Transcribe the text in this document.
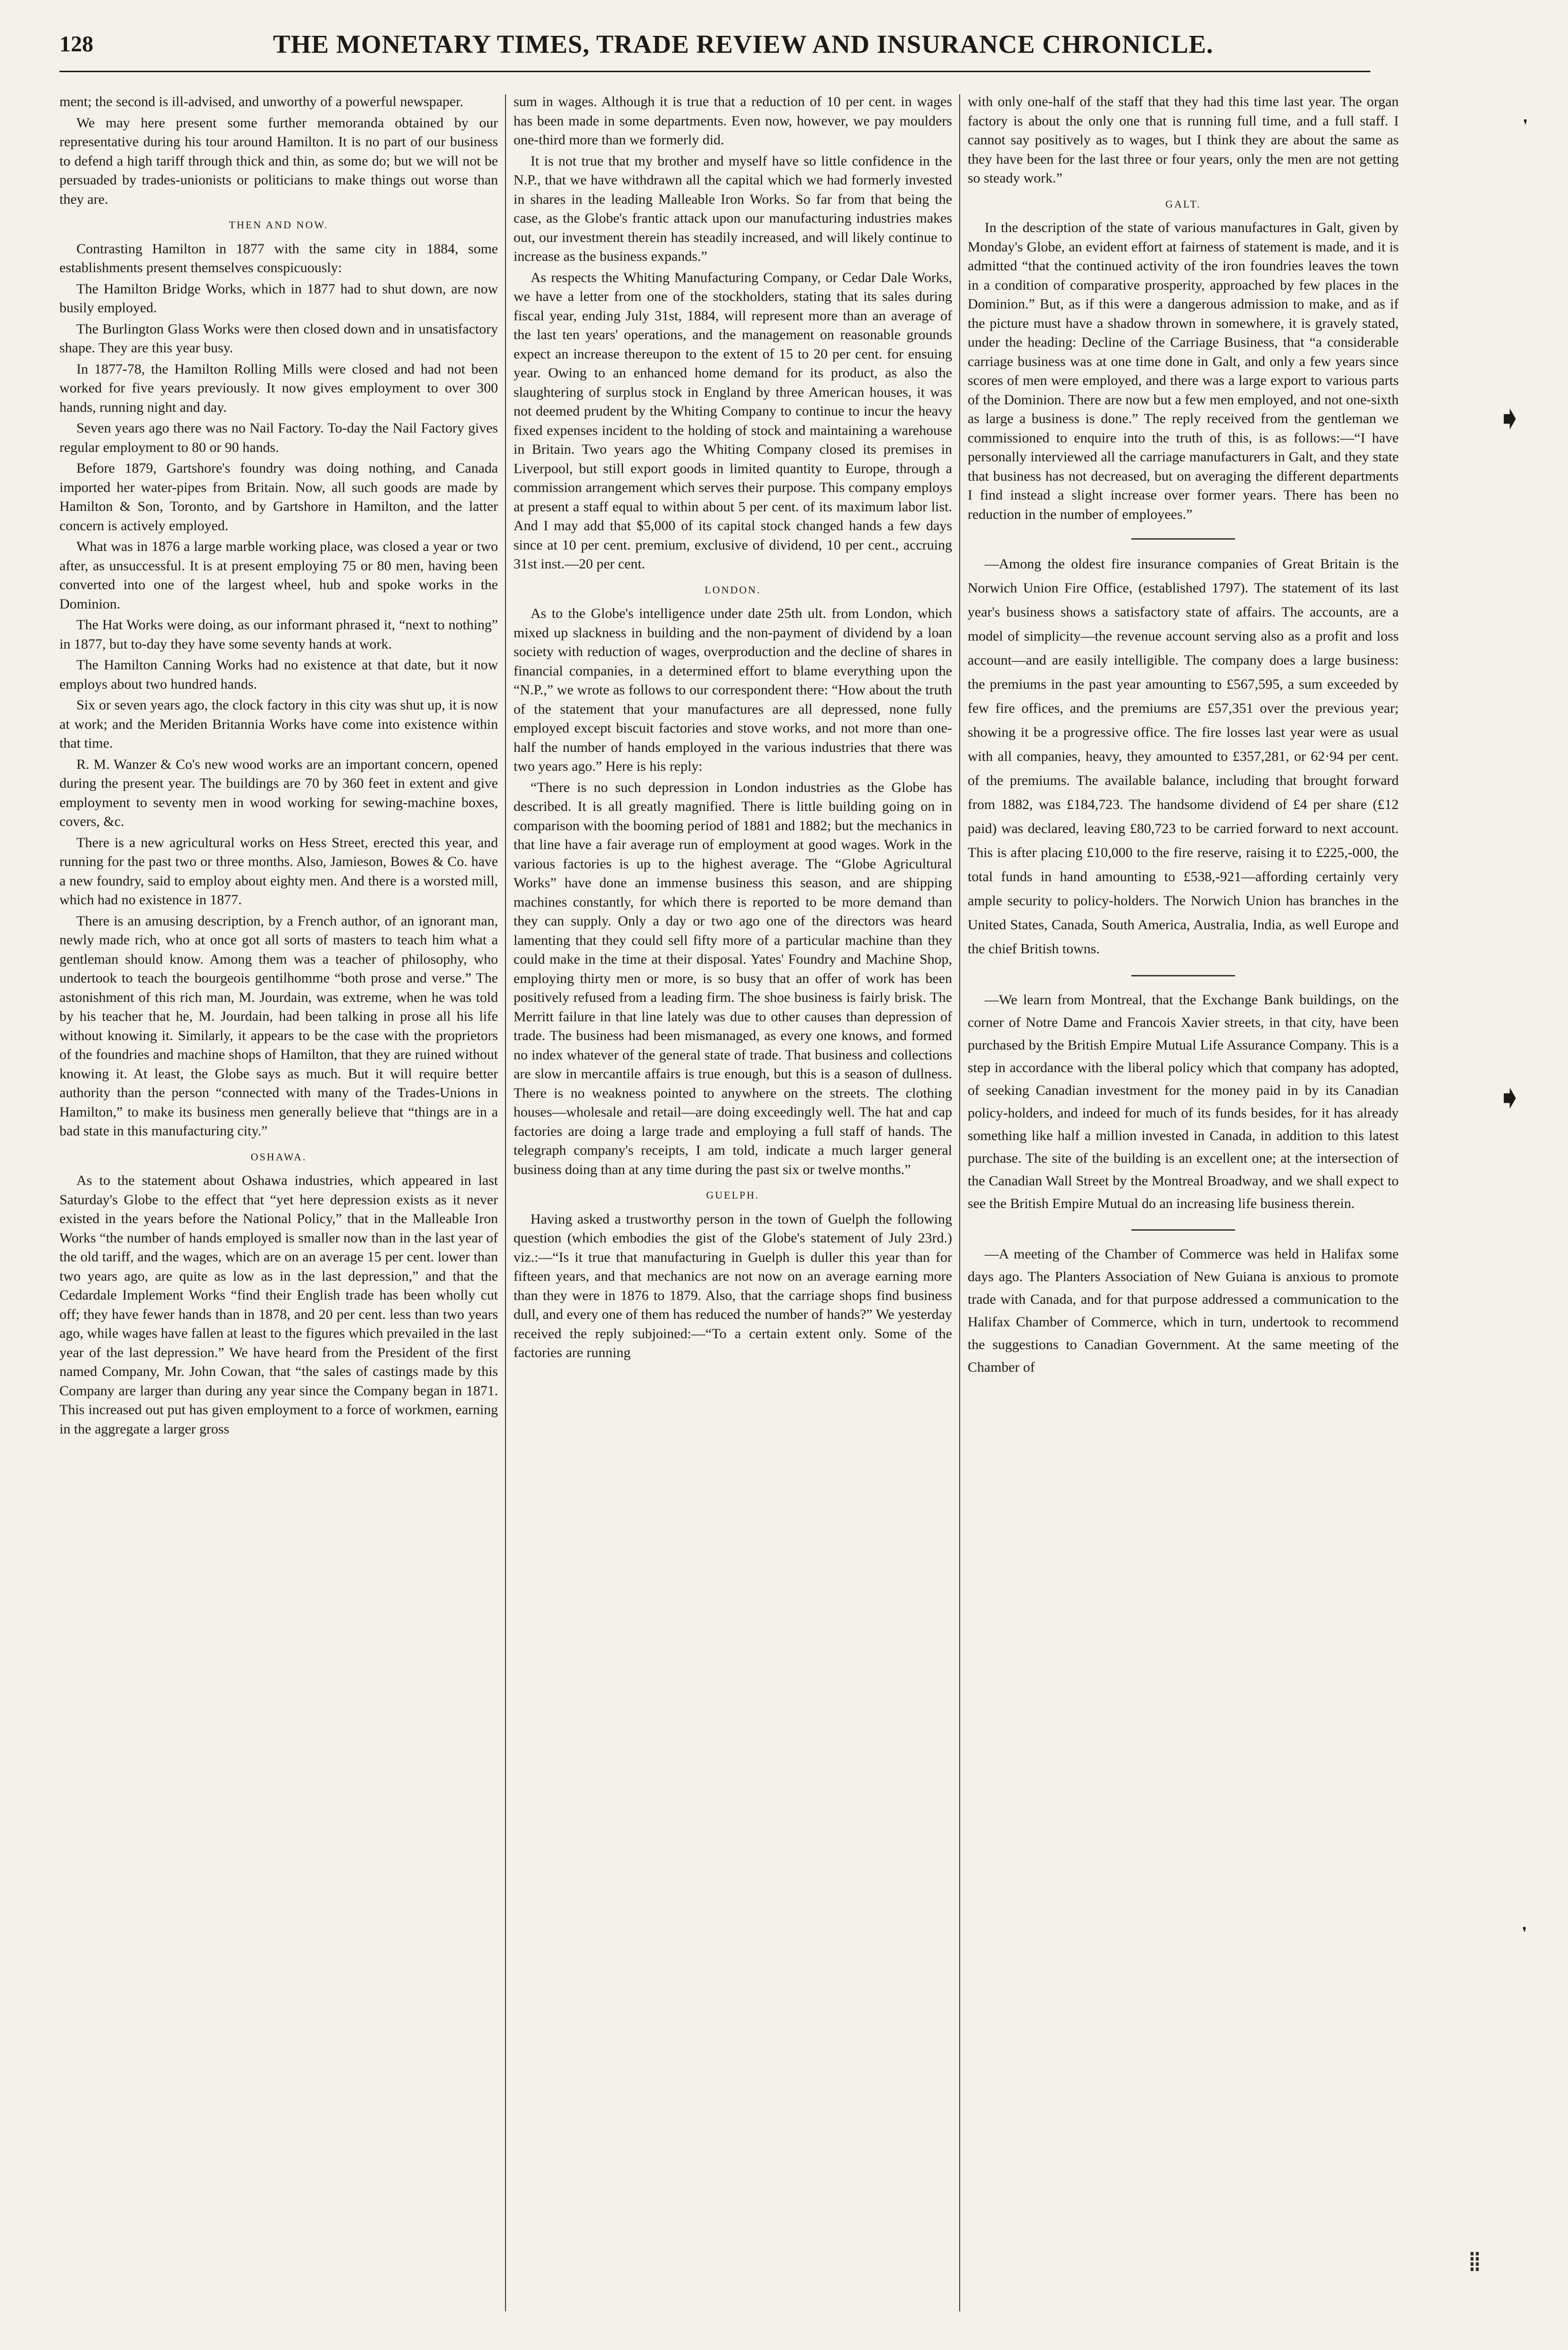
128	THE MONETARY TIMES, TRADE REVIEW AND INSURANCE CHRONICLE.

ment; the second is ill-advised, and unworthy of a powerful newspaper.

We may here present some further memoranda obtained by our representative during his tour around Hamilton. It is no part of our business to defend a high tariff through thick and thin, as some do; but we will not be persuaded by trades-unionists or politicians to make things out worse than they are.

THEN AND NOW.

Contrasting Hamilton in 1877 with the same city in 1884, some establishments present themselves conspicuously:

The Hamilton Bridge Works, which in 1877 had to shut down, are now busily employed.

The Burlington Glass Works were then closed down and in unsatisfactory shape. They are this year busy.

In 1877-78, the Hamilton Rolling Mills were closed and had not been worked for five years previously. It now gives employment to over 300 hands, running night and day.

Seven years ago there was no Nail Factory. To-day the Nail Factory gives regular employment to 80 or 90 hands.

Before 1879, Gartshore's foundry was doing nothing, and Canada imported her water-pipes from Britain. Now, all such goods are made by Hamilton & Son, Toronto, and by Gartshore in Hamilton, and the latter concern is actively employed.

What was in 1876 a large marble working place, was closed a year or two after, as unsuccessful. It is at present employing 75 or 80 men, having been converted into one of the largest wheel, hub and spoke works in the Dominion.

The Hat Works were doing, as our informant phrased it, “next to nothing” in 1877, but to-day they have some seventy hands at work.

The Hamilton Canning Works had no existence at that date, but it now employs about two hundred hands.

Six or seven years ago, the clock factory in this city was shut up, it is now at work; and the Meriden Britannia Works have come into existence within that time.

R. M. Wanzer & Co's new wood works are an important concern, opened during the present year. The buildings are 70 by 360 feet in extent and give employment to seventy men in wood working for sewing-machine boxes, covers, &c.

There is a new agricultural works on Hess Street, erected this year, and running for the past two or three months. Also, Jamieson, Bowes & Co. have a new foundry, said to employ about eighty men. And there is a worsted mill, which had no existence in 1877.

There is an amusing description, by a French author, of an ignorant man, newly made rich, who at once got all sorts of masters to teach him what a gentleman should know. Among them was a teacher of philosophy, who undertook to teach the bourgeois gentilhomme “both prose and verse.” The astonishment of this rich man, M. Jourdain, was extreme, when he was told by his teacher that he, M. Jourdain, had been talking in prose all his life without knowing it. Similarly, it appears to be the case with the proprietors of the foundries and machine shops of Hamilton, that they are ruined without knowing it. At least, the Globe says as much. But it will require better authority than the person “connected with many of the Trades-Unions in Hamilton,” to make its business men generally believe that “things are in a bad state in this manufacturing city.”

OSHAWA.

As to the statement about Oshawa industries, which appeared in last Saturday's Globe to the effect that “yet here depression exists as it never existed in the years before the National Policy,” that in the Malleable Iron Works “the number of hands employed is smaller now than in the last year of the old tariff, and the wages, which are on an average 15 per cent. lower than two years ago, are quite as low as in the last depression,” and that the Cedardale Implement Works “find their English trade has been wholly cut off; they have fewer hands than in 1878, and 20 per cent. less than two years ago, while wages have fallen at least to the figures which prevailed in the last year of the last depression.” We have heard from the President of the first named Company, Mr. John Cowan, that “the sales of castings made by this Company are larger than during any year since the Company began in 1871. This increased out put has given employment to a force of workmen, earning in the aggregate a larger gross

sum in wages. Although it is true that a reduction of 10 per cent. in wages has been made in some departments. Even now, however, we pay moulders one-third more than we formerly did.

It is not true that my brother and myself have so little confidence in the N.P., that we have withdrawn all the capital which we had formerly invested in shares in the leading Malleable Iron Works. So far from that being the case, as the Globe's frantic attack upon our manufacturing industries makes out, our investment therein has steadily increased, and will likely continue to increase as the business expands.”

As respects the Whiting Manufacturing Company, or Cedar Dale Works, we have a letter from one of the stockholders, stating that its sales during fiscal year, ending July 31st, 1884, will represent more than an average of the last ten years' operations, and the management on reasonable grounds expect an increase thereupon to the extent of 15 to 20 per cent. for ensuing year. Owing to an enhanced home demand for its product, as also the slaughtering of surplus stock in England by three American houses, it was not deemed prudent by the Whiting Company to continue to incur the heavy fixed expenses incident to the holding of stock and maintaining a warehouse in Britain. Two years ago the Whiting Company closed its premises in Liverpool, but still export goods in limited quantity to Europe, through a commission arrangement which serves their purpose. This company employs at present a staff equal to within about 5 per cent. of its maximum labor list. And I may add that $5,000 of its capital stock changed hands a few days since at 10 per cent. premium, exclusive of dividend, 10 per cent., accruing 31st inst.—20 per cent.

LONDON.

As to the Globe's intelligence under date 25th ult. from London, which mixed up slackness in building and the non-payment of dividend by a loan society with reduction of wages, overproduction and the decline of shares in financial companies, in a determined effort to blame everything upon the “N.P.,” we wrote as follows to our correspondent there: “How about the truth of the statement that your manufactures are all depressed, none fully employed except biscuit factories and stove works, and not more than one-half the number of hands employed in the various industries that there was two years ago.” Here is his reply:

“There is no such depression in London industries as the Globe has described. It is all greatly magnified. There is little building going on in comparison with the booming period of 1881 and 1882; but the mechanics in that line have a fair average run of employment at good wages. Work in the various factories is up to the highest average. The “Globe Agricultural Works” have done an immense business this season, and are shipping machines constantly, for which there is reported to be more demand than they can supply. Only a day or two ago one of the directors was heard lamenting that they could sell fifty more of a particular machine than they could make in the time at their disposal. Yates' Foundry and Machine Shop, employing thirty men or more, is so busy that an offer of work has been positively refused from a leading firm. The shoe business is fairly brisk. The Merritt failure in that line lately was due to other causes than depression of trade. The business had been mismanaged, as every one knows, and formed no index whatever of the general state of trade. That business and collections are slow in mercantile affairs is true enough, but this is a season of dullness. There is no weakness pointed to anywhere on the streets. The clothing houses—wholesale and retail—are doing exceedingly well. The hat and cap factories are doing a large trade and employing a full staff of hands. The telegraph company's receipts, I am told, indicate a much larger general business doing than at any time during the past six or twelve months.”

GUELPH.

Having asked a trustworthy person in the town of Guelph the following question (which embodies the gist of the Globe's statement of July 23rd.) viz.:—“Is it true that manufacturing in Guelph is duller this year than for fifteen years, and that mechanics are not now on an average earning more than they were in 1876 to 1879. Also, that the carriage shops find business dull, and every one of them has reduced the number of hands?” We yesterday received the reply subjoined:—“To a certain extent only. Some of the factories are running

with only one-half of the staff that they had this time last year. The organ factory is about the only one that is running full time, and a full staff. I cannot say positively as to wages, but I think they are about the same as they have been for the last three or four years, only the men are not getting so steady work.”

GALT.

In the description of the state of various manufactures in Galt, given by Monday's Globe, an evident effort at fairness of statement is made, and it is admitted “that the continued activity of the iron foundries leaves the town in a condition of comparative prosperity, approached by few places in the Dominion.” But, as if this were a dangerous admission to make, and as if the picture must have a shadow thrown in somewhere, it is gravely stated, under the heading: Decline of the Carriage Business, that “a considerable carriage business was at one time done in Galt, and only a few years since scores of men were employed, and there was a large export to various parts of the Dominion. There are now but a few men employed, and not one-sixth as large a business is done.” The reply received from the gentleman we commissioned to enquire into the truth of this, is as follows:—“I have personally interviewed all the carriage manufacturers in Galt, and they state that business has not decreased, but on averaging the different departments I find instead a slight increase over former years. There has been no reduction in the number of employees.”

—Among the oldest fire insurance companies of Great Britain is the Norwich Union Fire Office, (established 1797). The statement of its last year's business shows a satisfactory state of affairs. The accounts, are a model of simplicity—the revenue account serving also as a profit and loss account—and are easily intelligible. The company does a large business: the premiums in the past year amounting to £567,595, a sum exceeded by few fire offices, and the premiums are £57,351 over the previous year; showing it be a progressive office. The fire losses last year were as usual with all companies, heavy, they amounted to £357,281, or 62·94 per cent. of the premiums. The available balance, including that brought forward from 1882, was £184,723. The handsome dividend of £4 per share (£12 paid) was declared, leaving £80,723 to be carried forward to next account. This is after placing £10,000 to the fire reserve, raising it to £225,-000, the total funds in hand amounting to £538,-921—affording certainly very ample security to policy-holders. The Norwich Union has branches in the United States, Canada, South America, Australia, India, as well Europe and the chief British towns.

—We learn from Montreal, that the Exchange Bank buildings, on the corner of Notre Dame and Francois Xavier streets, in that city, have been purchased by the British Empire Mutual Life Assurance Company. This is a step in accordance with the liberal policy which that company has adopted, of seeking Canadian investment for the money paid in by its Canadian policy-holders, and indeed for much of its funds besides, for it has already something like half a million invested in Canada, in addition to this latest purchase. The site of the building is an excellent one; at the intersection of the Canadian Wall Street by the Montreal Broadway, and we shall expect to see the British Empire Mutual do an increasing life business therein.

—A meeting of the Chamber of Commerce was held in Halifax some days ago. The Planters Association of New Guiana is anxious to promote trade with Canada, and for that purpose addressed a communication to the Halifax Chamber of Commerce, which in turn, undertook to recommend the suggestions to Canadian Government. At the same meeting of the Chamber of

❜
➧
➧
❜
⁞⁞
